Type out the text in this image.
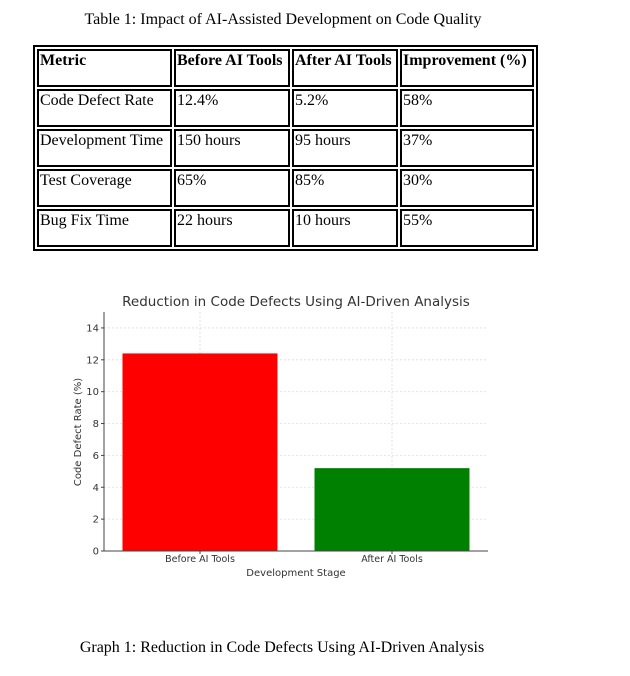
Table 1: Impact of AI-Assisted Development on Code Quality
Metric	Before AI Tools	After AI Tools	Improvement (%)
Code Defect Rate	12.4%	5.2%	58%
Development Time	150 hours	95 hours	37%
Test Coverage	65%	85%	30%
Bug Fix Time	22 hours	10 hours	55%
Reduction in Code Defects Using AI-Driven Analysis
Development Stage
Code Defect Rate (%)
0
2
4
6
8
10
12
14
Before AI Tools	After AI Tools
Graph 1: Reduction in Code Defects Using AI-Driven Analysis
